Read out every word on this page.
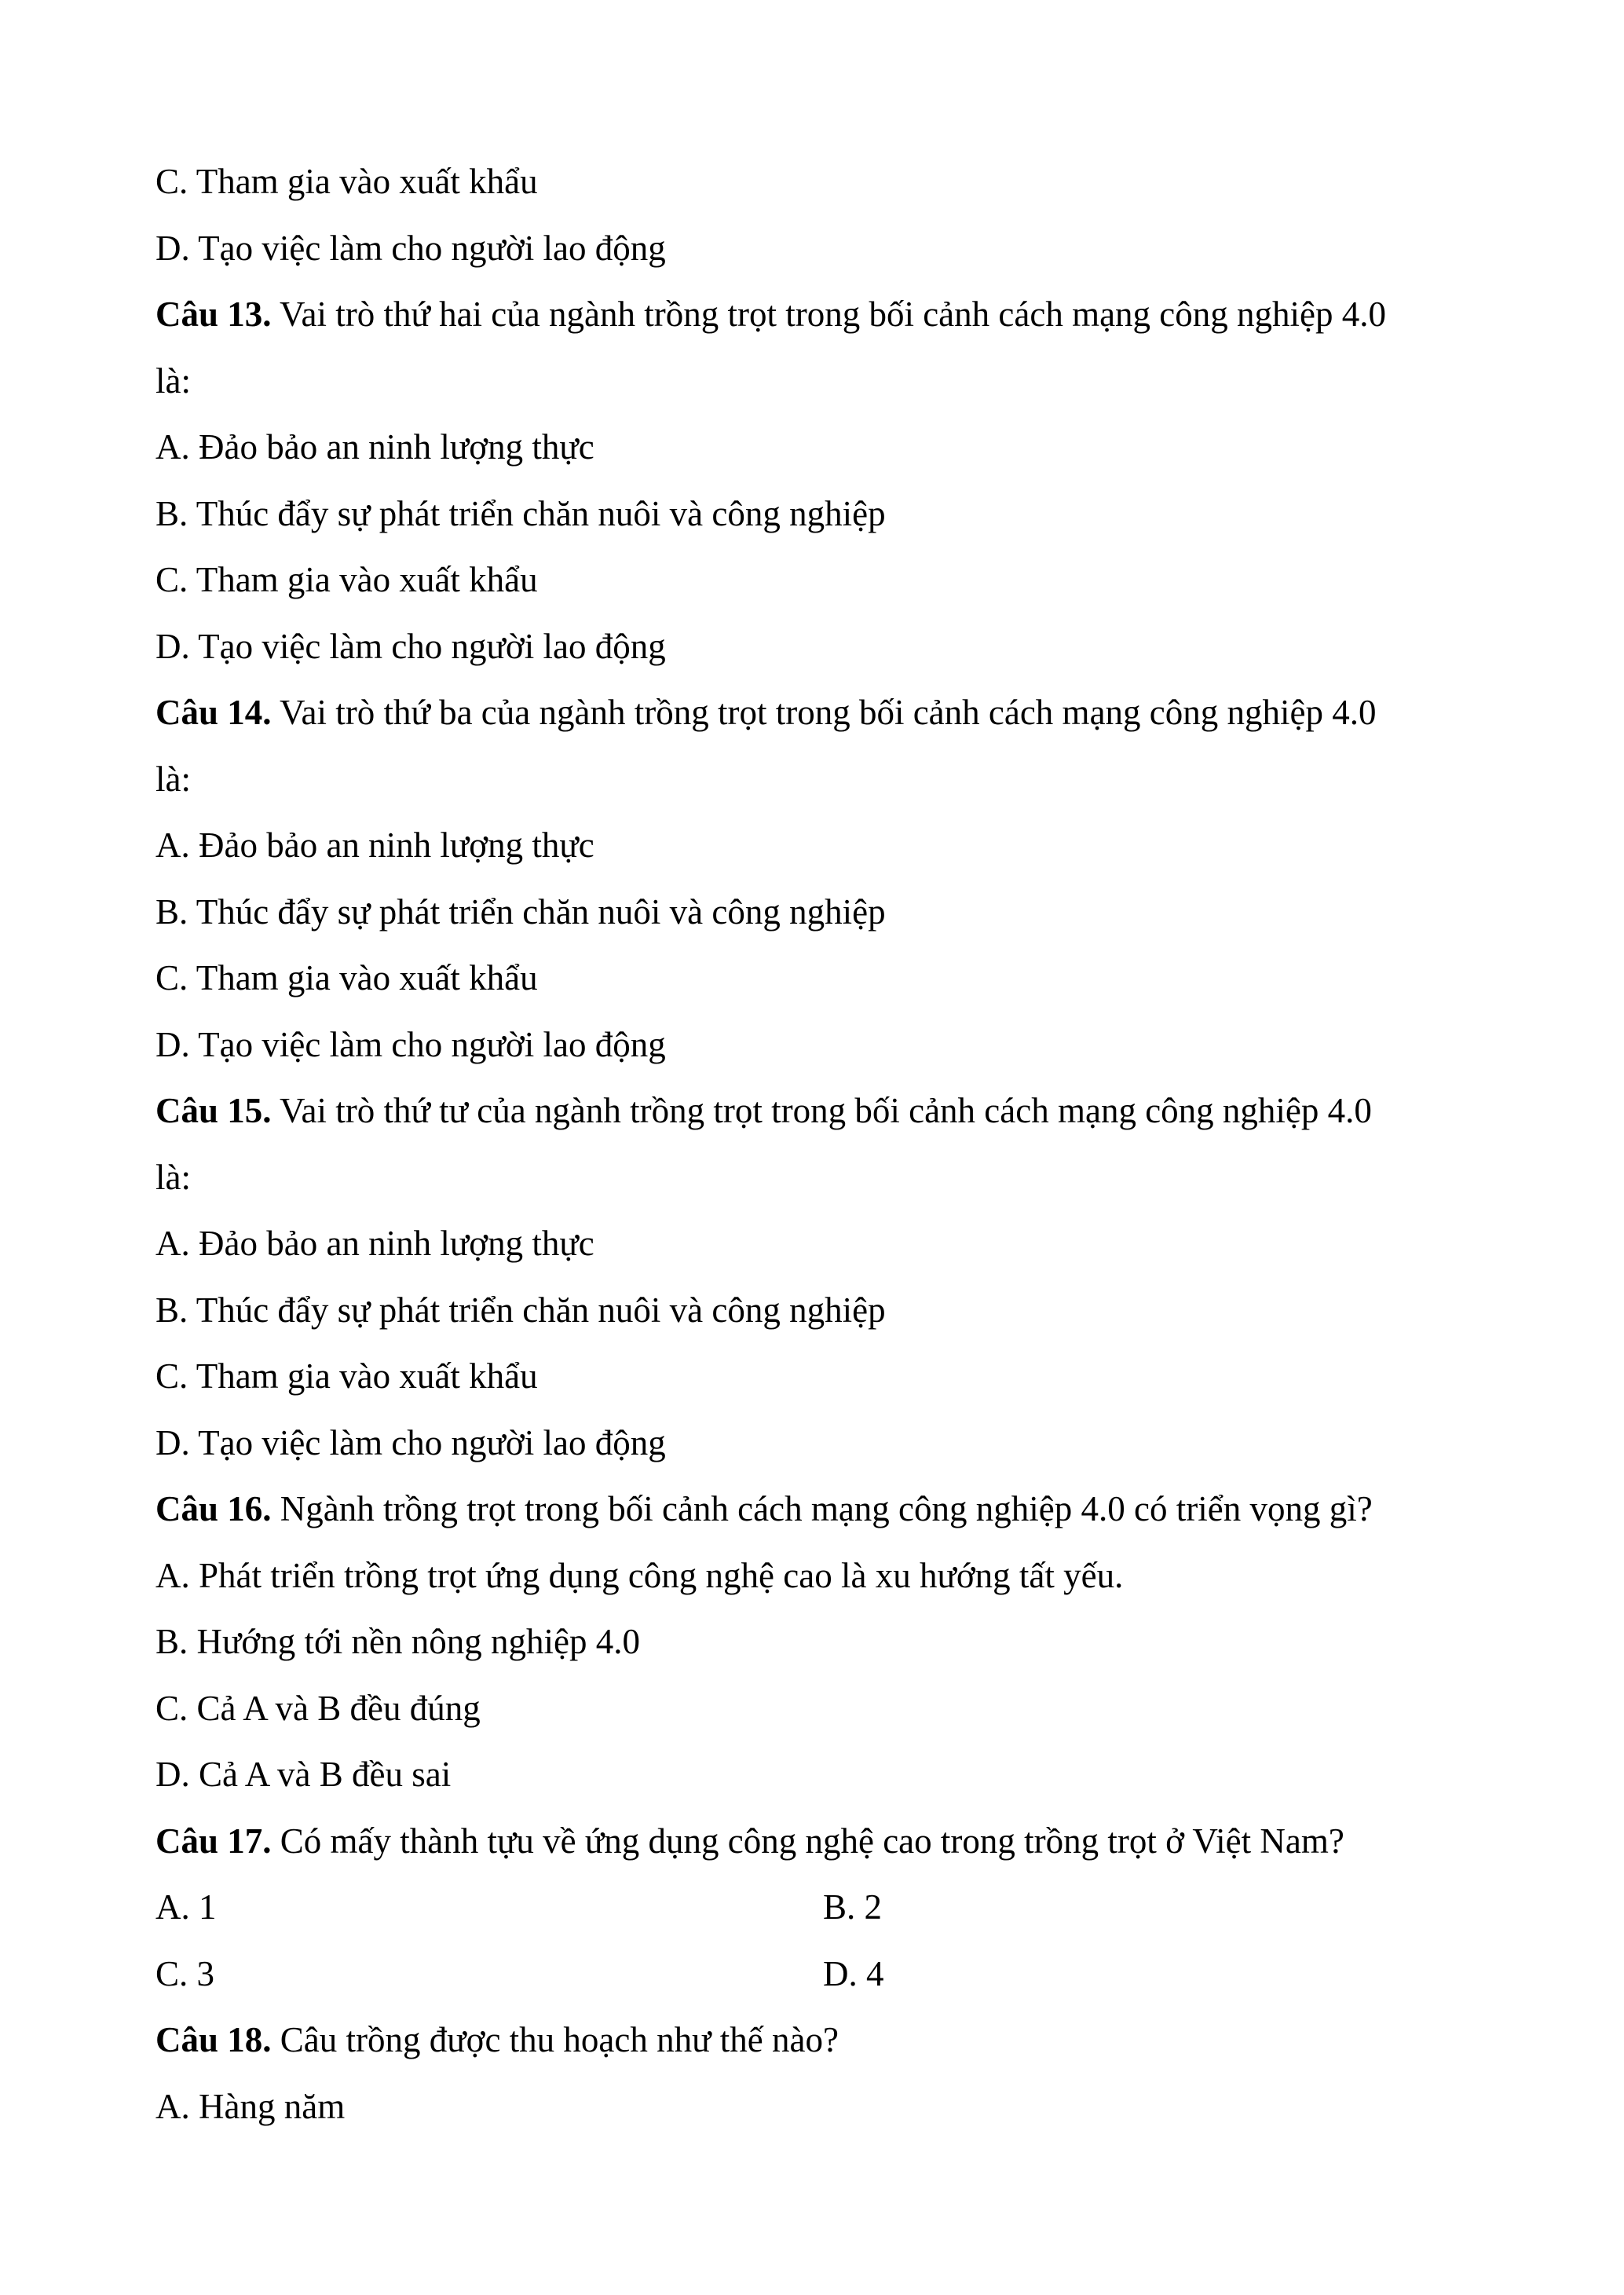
C. Tham gia vào xuất khẩu
D. Tạo việc làm cho người lao động
Câu 13. Vai trò thứ hai của ngành trồng trọt trong bối cảnh cách mạng công nghiệp 4.0
là:
A. Đảo bảo an ninh lượng thực
B. Thúc đẩy sự phát triển chăn nuôi và công nghiệp
C. Tham gia vào xuất khẩu
D. Tạo việc làm cho người lao động
Câu 14. Vai trò thứ ba của ngành trồng trọt trong bối cảnh cách mạng công nghiệp 4.0
là:
A. Đảo bảo an ninh lượng thực
B. Thúc đẩy sự phát triển chăn nuôi và công nghiệp
C. Tham gia vào xuất khẩu
D. Tạo việc làm cho người lao động
Câu 15. Vai trò thứ tư của ngành trồng trọt trong bối cảnh cách mạng công nghiệp 4.0
là:
A. Đảo bảo an ninh lượng thực
B. Thúc đẩy sự phát triển chăn nuôi và công nghiệp
C. Tham gia vào xuất khẩu
D. Tạo việc làm cho người lao động
Câu 16. Ngành trồng trọt trong bối cảnh cách mạng công nghiệp 4.0 có triển vọng gì?
A. Phát triển trồng trọt ứng dụng công nghệ cao là xu hướng tất yếu.
B. Hướng tới nền nông nghiệp 4.0
C. Cả A và B đều đúng
D. Cả A và B đều sai
Câu 17. Có mấy thành tựu về ứng dụng công nghệ cao trong trồng trọt ở Việt Nam?
A. 1	B. 2
C. 3	D. 4
Câu 18. Câu trồng được thu hoạch như thế nào?
A. Hàng năm
